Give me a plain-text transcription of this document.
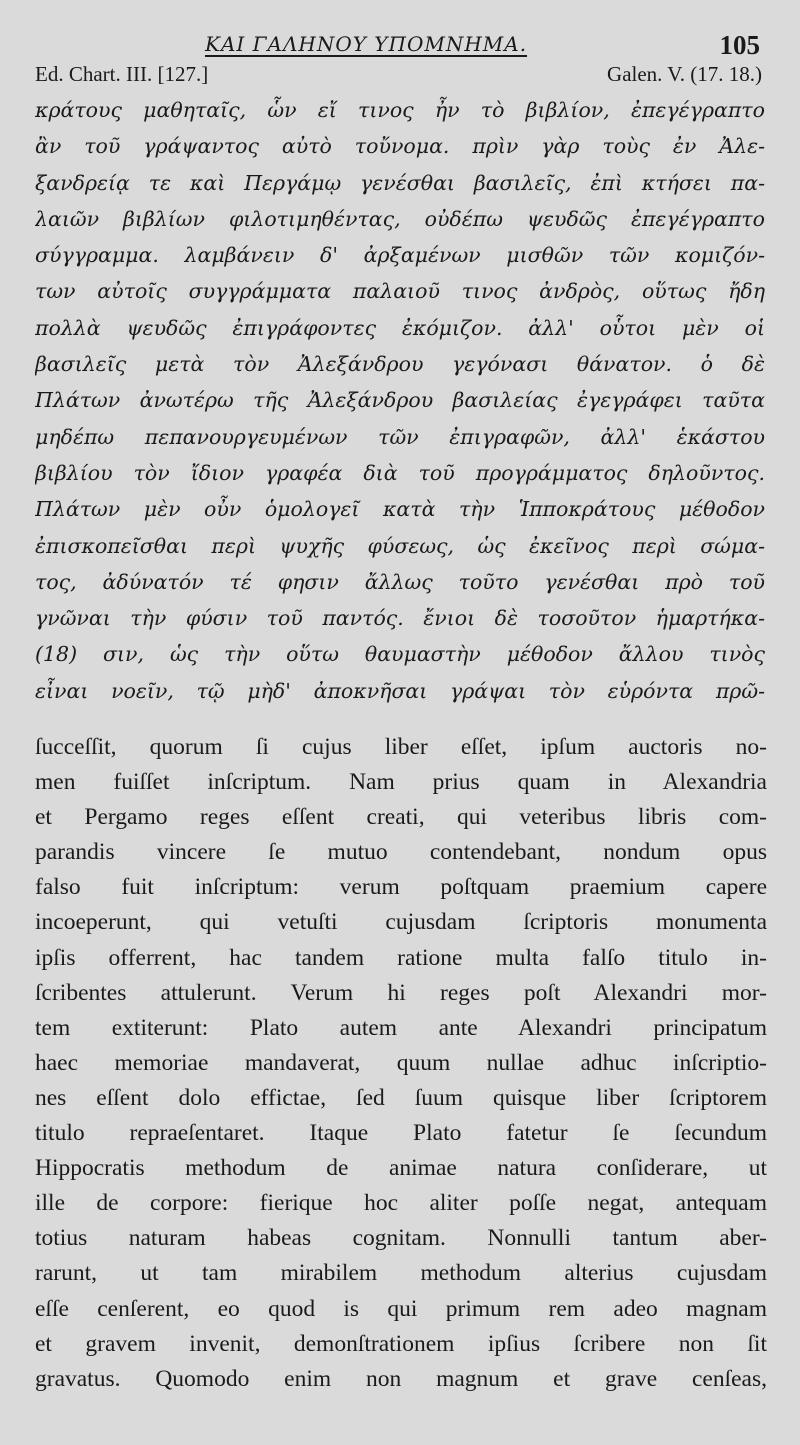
ΚΑΙ ΓΑΛΗΝΟΥ ΥΠΟΜΝΗΜΑ.	105
Ed. Chart. III. [127.]	Galen. V. (17. 18.)
κράτους μαθηταῖς, ὧν εἴ τινος ἦν τὸ βιβλίον, ἐπεγέγραπτο
ἂν τοῦ γράψαντος αὐτὸ τοὔνομα. πρὶν γὰρ τοὺς ἐν Ἀλε-
ξανδρείᾳ τε καὶ Περγάμῳ γενέσθαι βασιλεῖς, ἐπὶ κτήσει πα-
λαιῶν βιβλίων φιλοτιμηθέντας, οὐδέπω ψευδῶς ἐπεγέγραπτο
σύγγραμμα. λαμβάνειν δ' ἀρξαμένων μισθῶν τῶν κομιζόν-
των αὐτοῖς συγγράμματα παλαιοῦ τινος ἀνδρὸς, οὕτως ἤδη
πολλὰ ψευδῶς ἐπιγράφοντες ἐκόμιζον. ἀλλ' οὗτοι μὲν οἱ
βασιλεῖς μετὰ τὸν Ἀλεξάνδρου γεγόνασι θάνατον. ὁ δὲ
Πλάτων ἀνωτέρω τῆς Ἀλεξάνδρου βασιλείας ἐγεγράφει ταῦτα
μηδέπω πεπανουργευμένων τῶν ἐπιγραφῶν, ἀλλ' ἑκάστου
βιβλίου τὸν ἴδιον γραφέα διὰ τοῦ προγράμματος δηλοῦντος.
Πλάτων μὲν οὖν ὁμολογεῖ κατὰ τὴν Ἱπποκράτους μέθοδον
ἐπισκοπεῖσθαι περὶ ψυχῆς φύσεως, ὡς ἐκεῖνος περὶ σώμα-
τος, ἀδύνατόν τέ φησιν ἄλλως τοῦτο γενέσθαι πρὸ τοῦ
γνῶναι τὴν φύσιν τοῦ παντός. ἔνιοι δὲ τοσοῦτον ἡμαρτήκα-
(18) σιν, ὡς τὴν οὕτω θαυμαστὴν μέθοδον ἄλλου τινὸς
εἶναι νοεῖν, τῷ μὴδ' ἀποκνῆσαι γράψαι τὸν εὑρόντα πρῶ-
ſucceſſit, quorum ſi cujus liber eſſet, ipſum auctoris no-
men fuiſſet inſcriptum. Nam prius quam in Alexandria
et Pergamo reges eſſent creati, qui veteribus libris com-
parandis vincere ſe mutuo contendebant, nondum opus
falso fuit inſcriptum: verum poſtquam praemium capere
incoeperunt, qui vetuſti cujusdam ſcriptoris monumenta
ipſis offerrent, hac tandem ratione multa falſo titulo in-
ſcribentes attulerunt. Verum hi reges poſt Alexandri mor-
tem extiterunt: Plato autem ante Alexandri principatum
haec memoriae mandaverat, quum nullae adhuc inſcriptio-
nes eſſent dolo effictae, ſed ſuum quisque liber ſcriptorem
titulo repraeſentaret. Itaque Plato fatetur ſe ſecundum
Hippocratis methodum de animae natura conſiderare, ut
ille de corpore: fierique hoc aliter poſſe negat, antequam
totius naturam habeas cognitam. Nonnulli tantum aber-
rarunt, ut tam mirabilem methodum alterius cujusdam
eſſe cenſerent, eo quod is qui primum rem adeo magnam
et gravem invenit, demonſtrationem ipſius ſcribere non ſit
gravatus. Quomodo enim non magnum et grave cenſeas,
